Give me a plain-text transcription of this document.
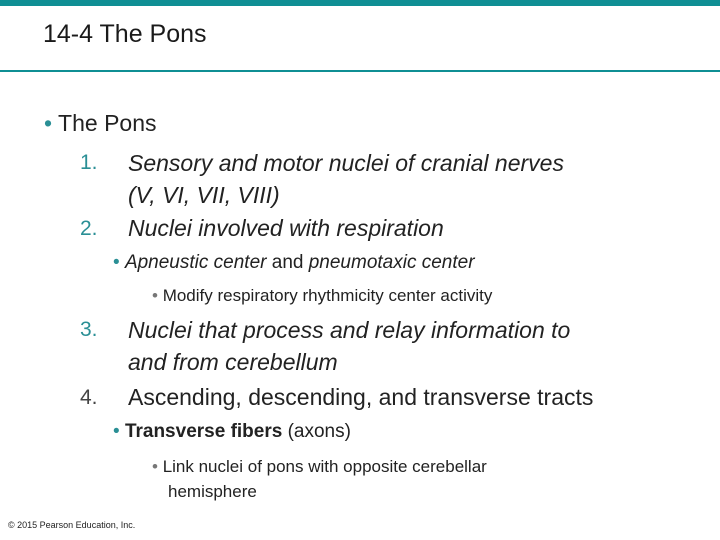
14-4 The Pons
• The Pons
1. Sensory and motor nuclei of cranial nerves
(V, VI, VII, VIII)
2. Nuclei involved with respiration
• Apneustic center and pneumotaxic center
• Modify respiratory rhythmicity center activity
3. Nuclei that process and relay information to
and from cerebellum
4. Ascending, descending, and transverse tracts
• Transverse fibers (axons)
• Link nuclei of pons with opposite cerebellar
hemisphere
© 2015 Pearson Education, Inc.
